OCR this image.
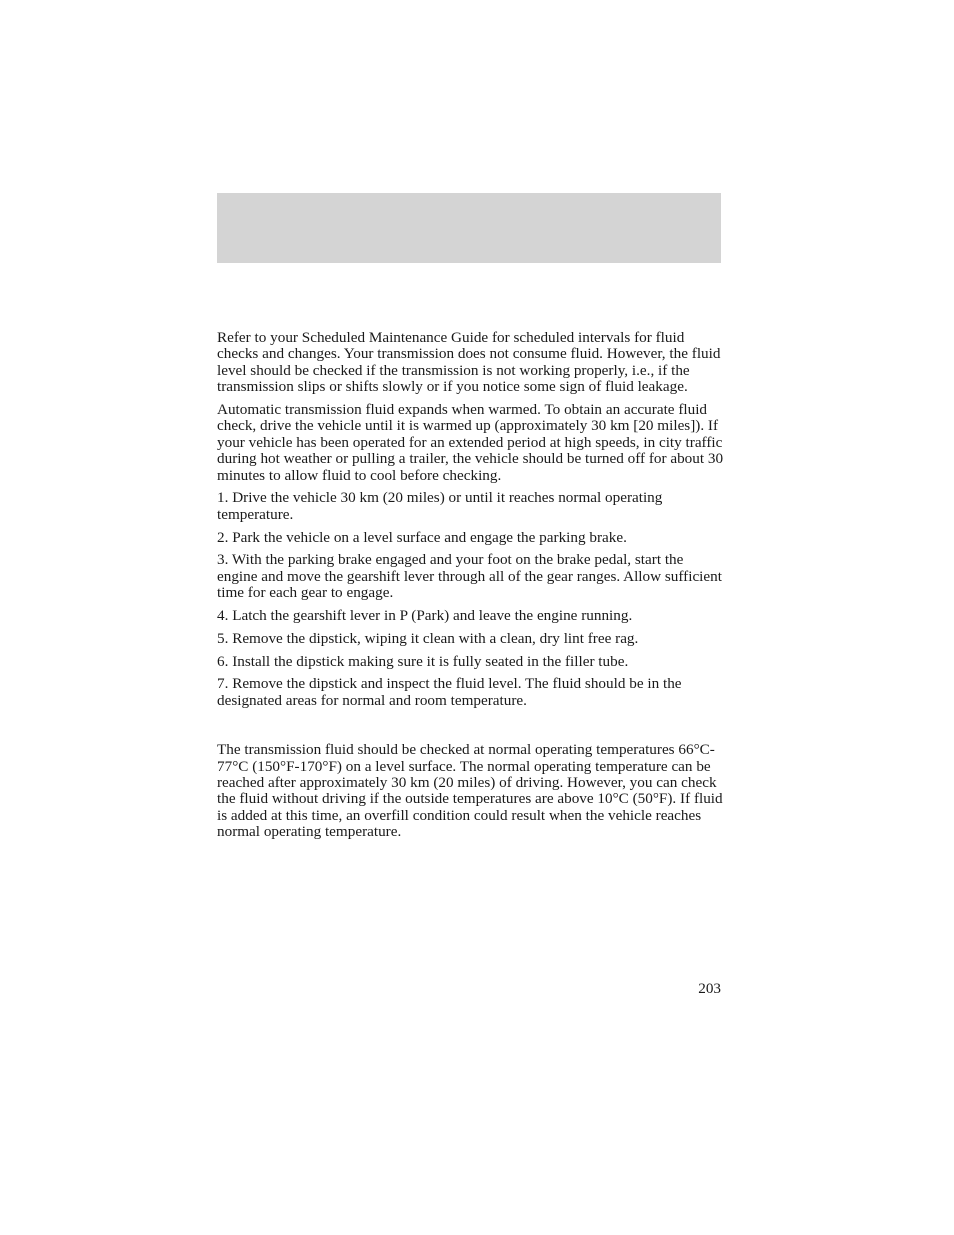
Refer to your Scheduled Maintenance Guide for scheduled intervals for fluid checks and changes. Your transmission does not consume fluid. However, the fluid level should be checked if the transmission is not working properly, i.e., if the transmission slips or shifts slowly or if you notice some sign of fluid leakage.

Automatic transmission fluid expands when warmed. To obtain an accurate fluid check, drive the vehicle until it is warmed up (approximately 30 km [20 miles]). If your vehicle has been operated for an extended period at high speeds, in city traffic during hot weather or pulling a trailer, the vehicle should be turned off for about 30 minutes to allow fluid to cool before checking.

1. Drive the vehicle 30 km (20 miles) or until it reaches normal operating temperature.

2. Park the vehicle on a level surface and engage the parking brake.

3. With the parking brake engaged and your foot on the brake pedal, start the engine and move the gearshift lever through all of the gear ranges. Allow sufficient time for each gear to engage.

4. Latch the gearshift lever in P (Park) and leave the engine running.

5. Remove the dipstick, wiping it clean with a clean, dry lint free rag.

6. Install the dipstick making sure it is fully seated in the filler tube.

7. Remove the dipstick and inspect the fluid level. The fluid should be in the designated areas for normal and room temperature.

The transmission fluid should be checked at normal operating temperatures 66°C-77°C (150°F-170°F) on a level surface. The normal operating temperature can be reached after approximately 30 km (20 miles) of driving. However, you can check the fluid without driving if the outside temperatures are above 10°C (50°F). If fluid is added at this time, an overfill condition could result when the vehicle reaches normal operating temperature.

203
